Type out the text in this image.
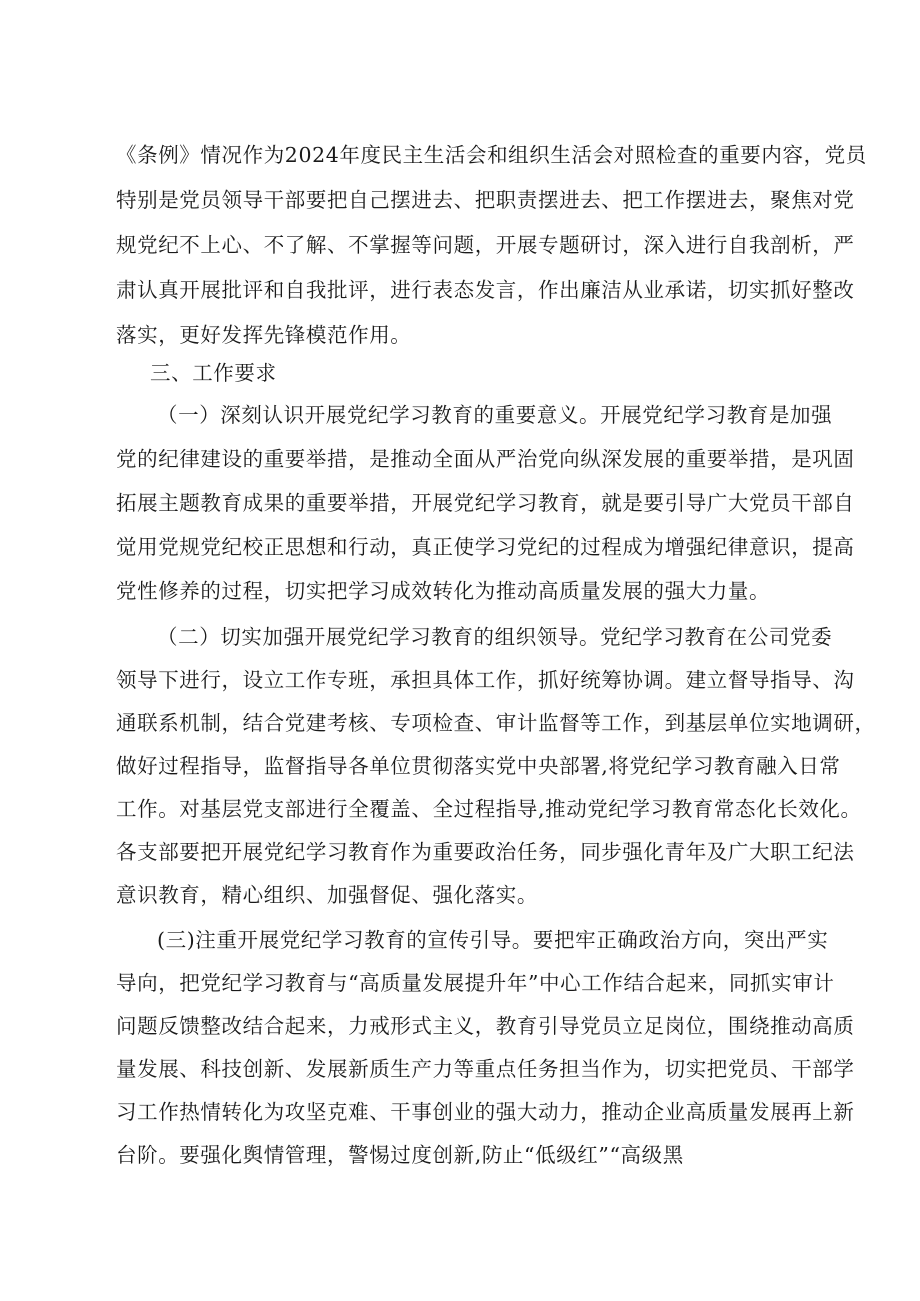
《条例》情况作为2024年度民主生活会和组织生活会对照检查的重要内容，党员
特别是党员领导干部要把自己摆进去、把职责摆进去、把工作摆进去，聚焦对党
规党纪不上心、不了解、不掌握等问题，开展专题研讨，深入进行自我剖析，严
肃认真开展批评和自我批评，进行表态发言，作出廉洁从业承诺，切实抓好整改
落实，更好发挥先锋模范作用。
三、工作要求
（一）深刻认识开展党纪学习教育的重要意义。开展党纪学习教育是加强
党的纪律建设的重要举措，是推动全面从严治党向纵深发展的重要举措，是巩固
拓展主题教育成果的重要举措，开展党纪学习教育，就是要引导广大党员干部自
觉用党规党纪校正思想和行动，真正使学习党纪的过程成为增强纪律意识，提高
党性修养的过程，切实把学习成效转化为推动高质量发展的强大力量。
（二）切实加强开展党纪学习教育的组织领导。党纪学习教育在公司党委
领导下进行，设立工作专班，承担具体工作，抓好统筹协调。建立督导指导、沟
通联系机制，结合党建考核、专项检查、审计监督等工作，到基层单位实地调研，
做好过程指导，监督指导各单位贯彻落实党中央部署,将党纪学习教育融入日常
工作。对基层党支部进行全覆盖、全过程指导,推动党纪学习教育常态化长效化。
各支部要把开展党纪学习教育作为重要政治任务，同步强化青年及广大职工纪法
意识教育，精心组织、加强督促、强化落实。
(三)注重开展党纪学习教育的宣传引导。要把牢正确政治方向，突出严实
导向，把党纪学习教育与“高质量发展提升年”中心工作结合起来，同抓实审计
问题反馈整改结合起来，力戒形式主义，教育引导党员立足岗位，围绕推动高质
量发展、科技创新、发展新质生产力等重点任务担当作为，切实把党员、干部学
习工作热情转化为攻坚克难、干事创业的强大动力，推动企业高质量发展再上新
台阶。要强化舆情管理，警惕过度创新,防止“低级红”“高级黑
